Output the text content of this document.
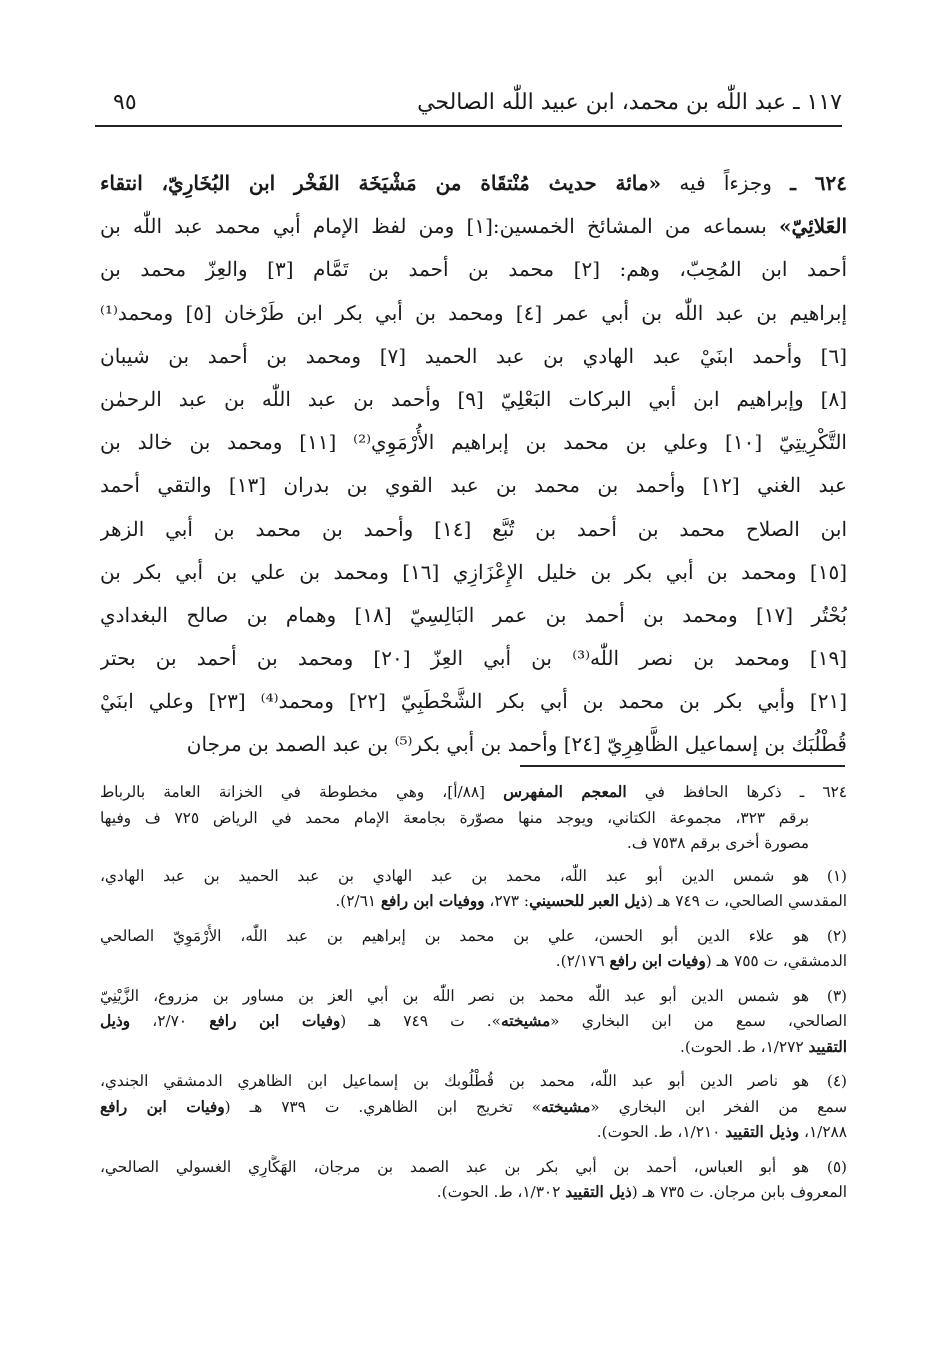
١١٧ ـ عبد اللّٰه بن محمد، ابن عبيد اللّٰه الصالحي
٩٥
٦٢٤ ـ وجزءاً فيه «مائة حديث مُنْتقَاة من مَشْيَخَة الفَخْر ابن البُخَارِيّ، انتقاء
العَلائِيّ» بسماعه من المشائخ الخمسين:[١] ومن لفظ الإمام أبي محمد عبد اللّٰه بن
أحمد ابن المُحِبّ، وهم: [٢] محمد بن أحمد بن تَمَّام [٣] والعِزّ محمد بن
إبراهيم بن عبد اللّٰه بن أبي عمر [٤] ومحمد بن أبي بكر ابن طَرْخان [٥] ومحمد⁽¹⁾
[٦] وأحمد ابنَيْ عبد الهادي بن عبد الحميد [٧] ومحمد بن أحمد بن شيبان
[٨] وإبراهيم ابن أبي البركات البَعْلِيّ [٩] وأحمد بن عبد اللّٰه بن عبد الرحمٰن
التَّكْرِيتِيّ [١٠] وعلي بن محمد بن إبراهيم الأُرْمَوِي⁽²⁾ [١١] ومحمد بن خالد بن
عبد الغني [١٢] وأحمد بن محمد بن عبد القوي بن بدران [١٣] والتقي أحمد
ابن الصلاح محمد بن أحمد بن تُبَّع [١٤] وأحمد بن محمد بن أبي الزهر
[١٥] ومحمد بن أبي بكر بن خليل الإِعْزَازِي [١٦] ومحمد بن علي بن أبي بكر بن
بُحْتُر [١٧] ومحمد بن أحمد بن عمر البَالِسِيّ [١٨] وهمام بن صالح البغدادي
[١٩] ومحمد بن نصر اللّٰه⁽³⁾ بن أبي العِزّ [٢٠] ومحمد بن أحمد بن بحتر
[٢١] وأبي بكر بن محمد بن أبي بكر الشَّحْطَبِيّ [٢٢] ومحمد⁽⁴⁾ [٢٣] وعلي ابنَيْ
قُطْلُبَك بن إسماعيل الظَّاهِرِيّ [٢٤] وأحمد بن أبي بكر⁽⁵⁾ بن عبد الصمد بن مرجان
٦٢٤ ـ ذكرها الحافظ في المعجم المفهرس [٨٨/أ]، وهي مخطوطة في الخزانة العامة بالرباط
برقم ٣٢٣، مجموعة الكتاني، ويوجد منها مصوّرة بجامعة الإمام محمد في الرياض ٧٢٥ ف وفيها
مصورة أخرى برقم ٧٥٣٨ ف.
(١)هو شمس الدين أبو عبد اللّٰه، محمد بن عبد الهادي بن عبد الحميد بن عبد الهادي،
المقدسي الصالحي، ت ٧٤٩ هـ (ذيل العبر للحسيني: ٢٧٣، ووفيات ابن رافع ٢/٦١).
(٢)هو علاء الدين أبو الحسن، علي بن محمد بن إبراهيم بن عبد اللّٰه، الأُرْمَوِيّ الصالحي
الدمشقي، ت ٧٥٥ هـ (وفيات ابن رافع ٢/١٧٦).
(٣)هو شمس الدين أبو عبد اللّٰه محمد بن نصر اللّٰه بن أبي العز بن مساور بن مزروع، الزَّيْنِيّ
الصالحي، سمع من ابن البخاري «مشيخته». ت ٧٤٩ هـ (وفيات ابن رافع ٢/٧٠، وذيل
التقييد ١/٢٧٢، ط. الحوت).
(٤)هو ناصر الدين أبو عبد اللّٰه، محمد بن قُطْلُوبك بن إسماعيل ابن الظاهري الدمشقي الجندي،
سمع من الفخر ابن البخاري «مشيخته» تخريج ابن الظاهري. ت ٧٣٩ هـ (وفيات ابن رافع
١/٢٨٨، وذيل التقييد ١/٢١٠، ط. الحوت).
(٥)هو أبو العباس، أحمد بن أبي بكر بن عبد الصمد بن مرجان، الهَكَّارِي الغسولي الصالحي،
المعروف بابن مرجان. ت ٧٣٥ هـ (ذيل التقييد ١/٣٠٢، ط. الحوت).
